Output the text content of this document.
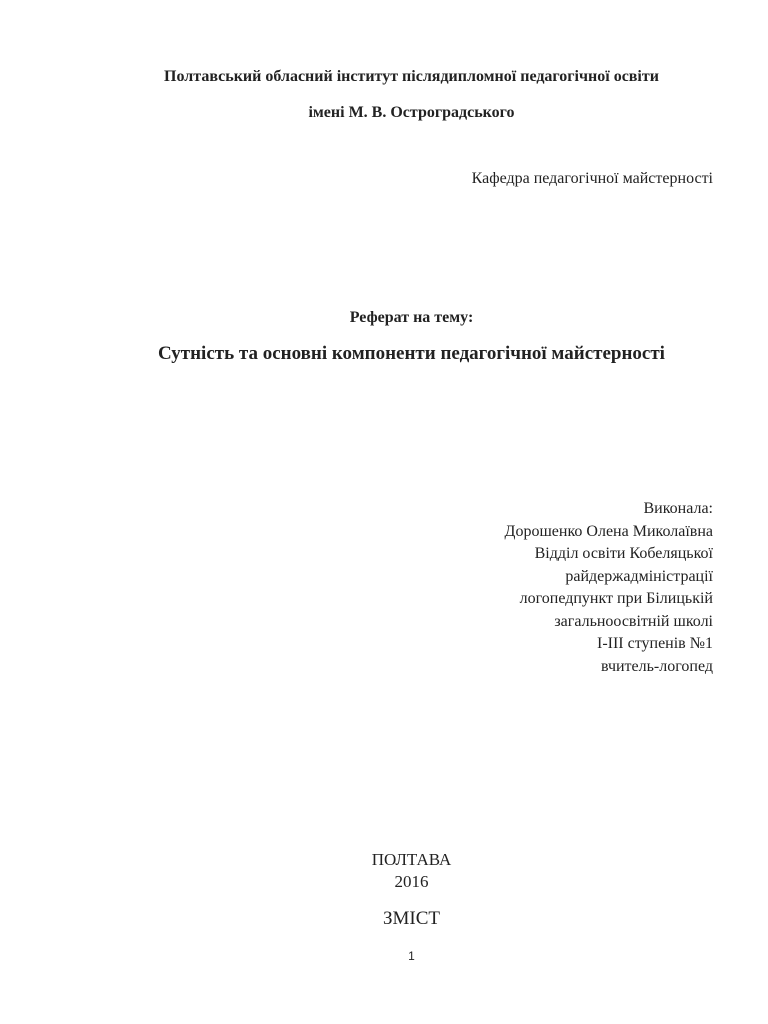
Полтавський обласний інститут післядипломної педагогічної освіти
імені М. В. Остроградського
Кафедра педагогічної майстерності
Реферат на тему:
Сутність та основні компоненти педагогічної майстерності
Виконала:
Дорошенко Олена Миколаївна
Відділ освіти Кобеляцької
райдержадміністрації
логопедпункт при Білицькій
загальноосвітній школі
І-ІІІ ступенів №1
вчитель-логопед
ПОЛТАВА
2016
ЗМІСТ
1
